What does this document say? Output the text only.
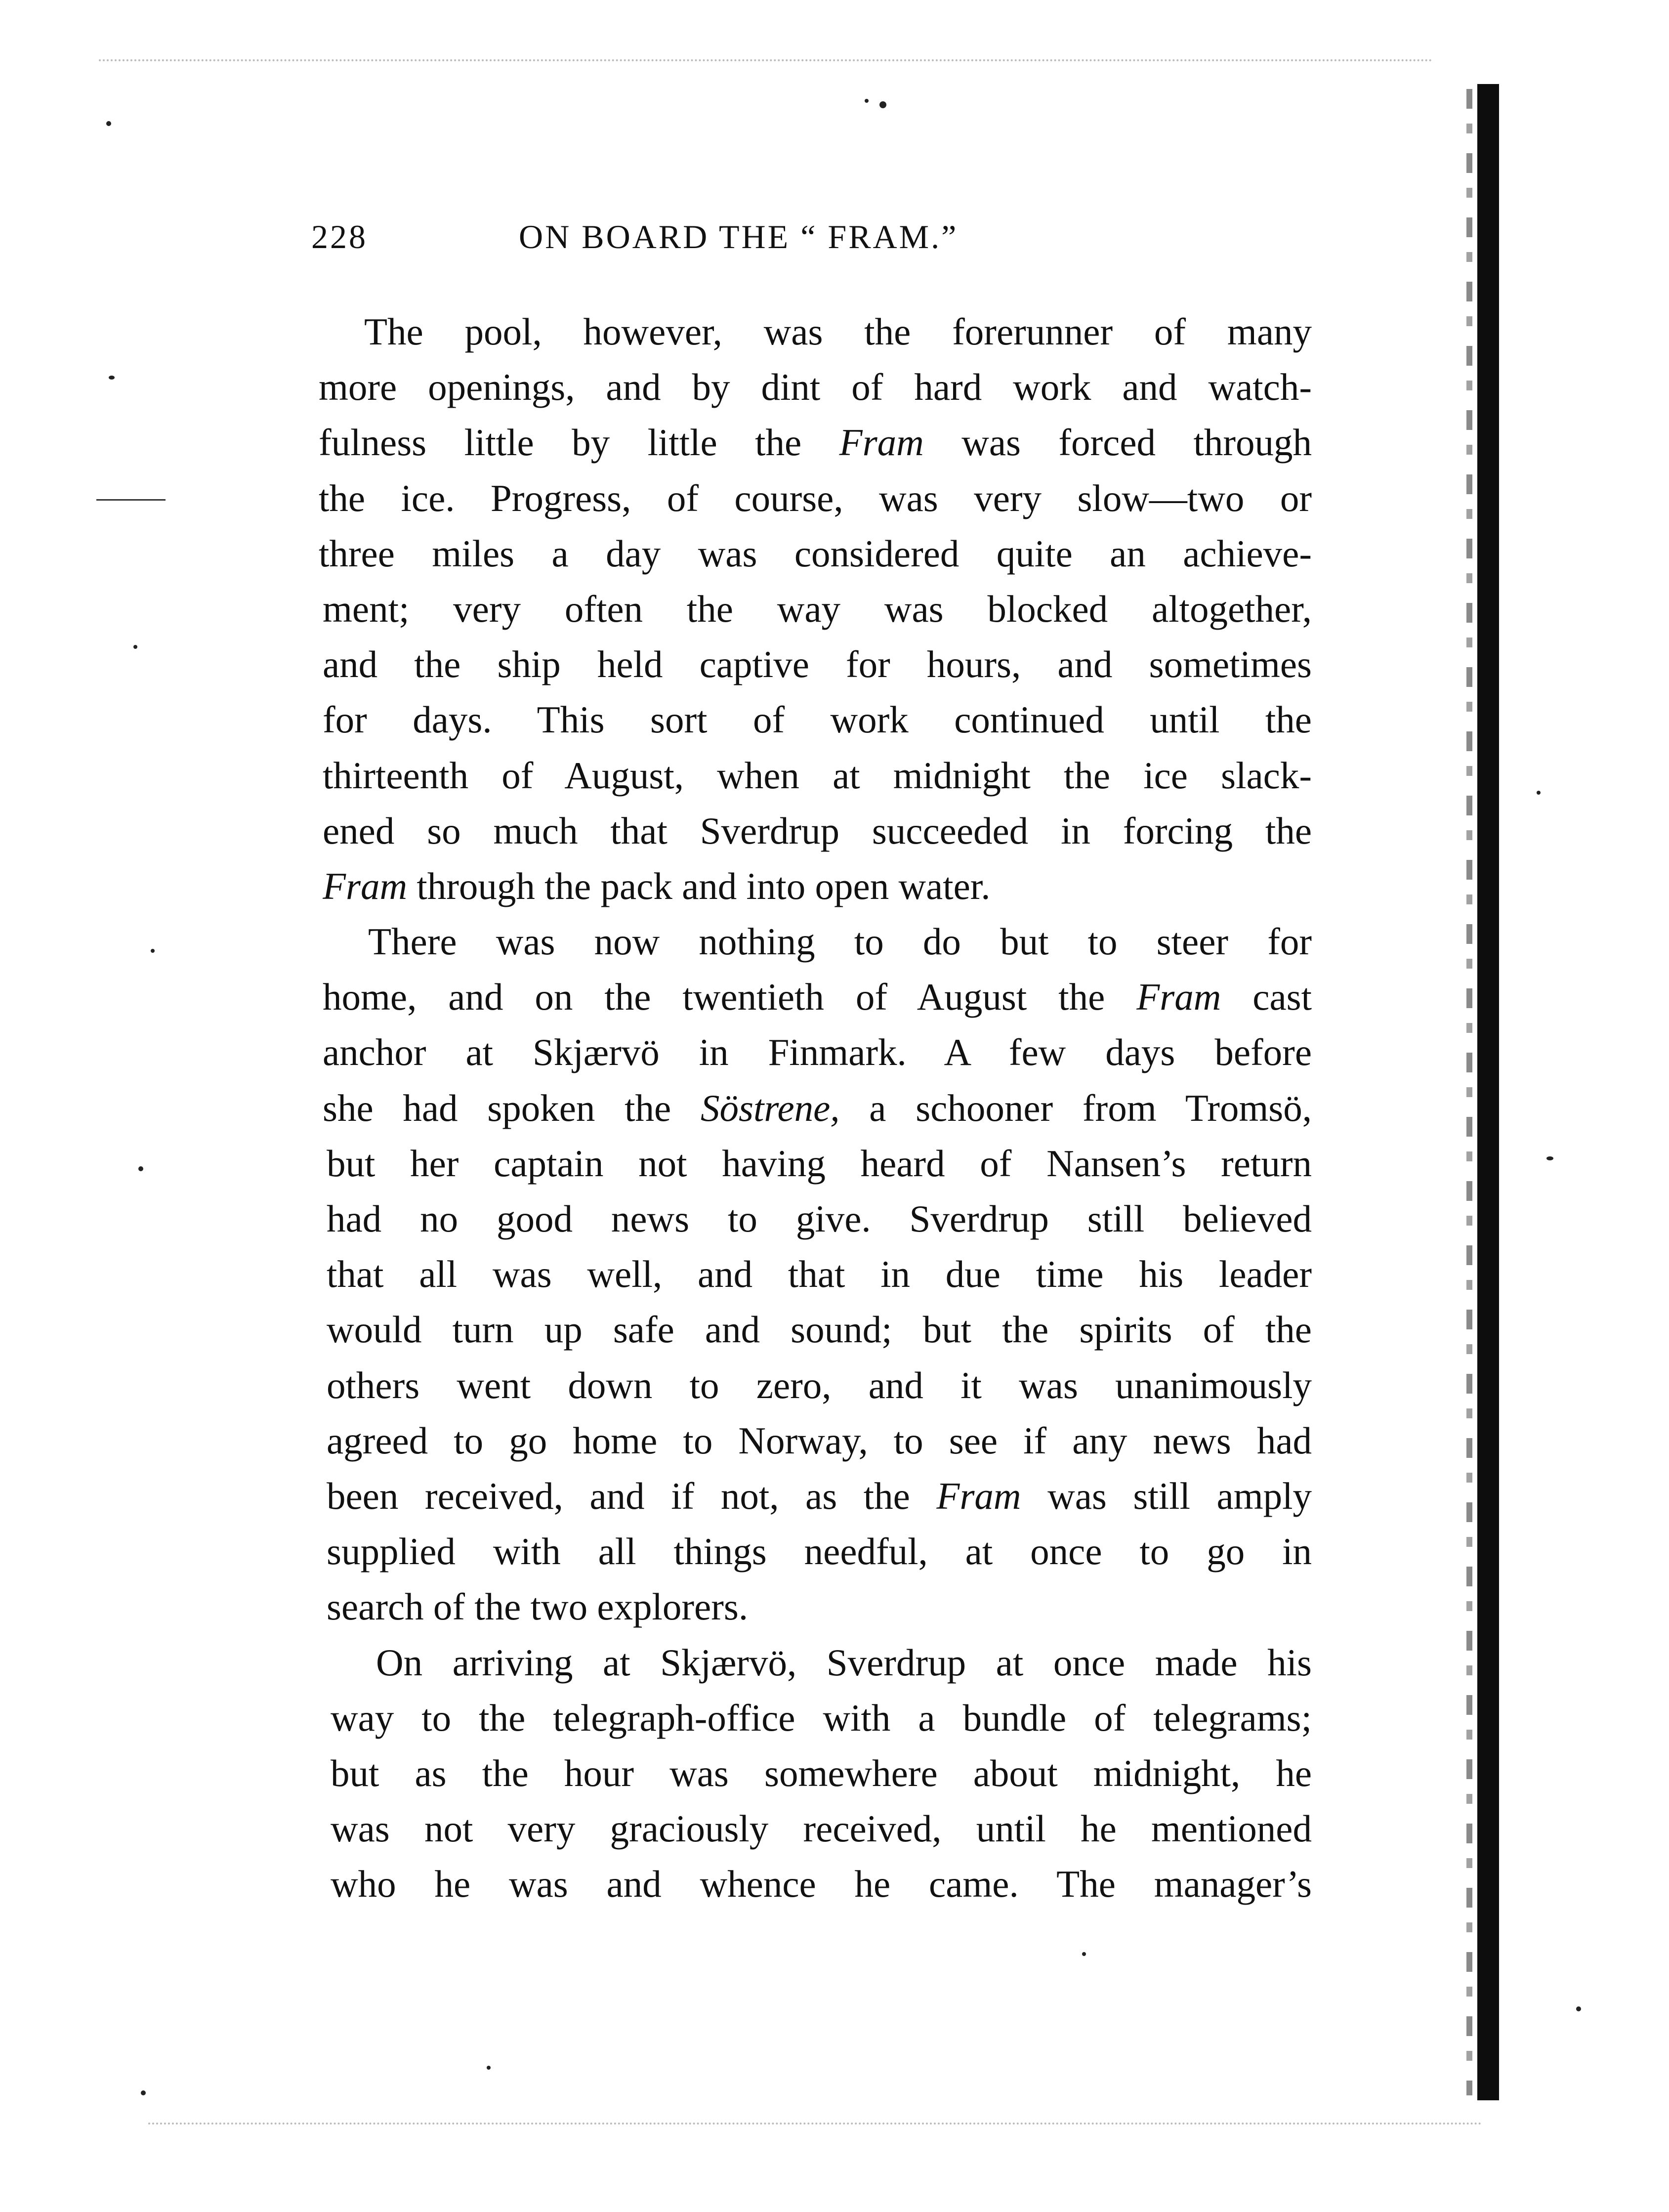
228	ON BOARD THE “ FRAM.”
The pool, however, was the forerunner of many
more openings, and by dint of hard work and watch-
fulness little by little the Fram was forced through
the ice. Progress, of course, was very slow—two or
three miles a day was considered quite an achieve-
ment; very often the way was blocked altogether,
and the ship held captive for hours, and sometimes
for days. This sort of work continued until the
thirteenth of August, when at midnight the ice slack-
ened so much that Sverdrup succeeded in forcing the
Fram through the pack and into open water.
There was now nothing to do but to steer for
home, and on the twentieth of August the Fram cast
anchor at Skjærvö in Finmark. A few days before
she had spoken the Söstrene, a schooner from Tromsö,
but her captain not having heard of Nansen’s return
had no good news to give. Sverdrup still believed
that all was well, and that in due time his leader
would turn up safe and sound; but the spirits of the
others went down to zero, and it was unanimously
agreed to go home to Norway, to see if any news had
been received, and if not, as the Fram was still amply
supplied with all things needful, at once to go in
search of the two explorers.
On arriving at Skjærvö, Sverdrup at once made his
way to the telegraph-office with a bundle of telegrams;
but as the hour was somewhere about midnight, he
was not very graciously received, until he mentioned
who he was and whence he came. The manager’s
